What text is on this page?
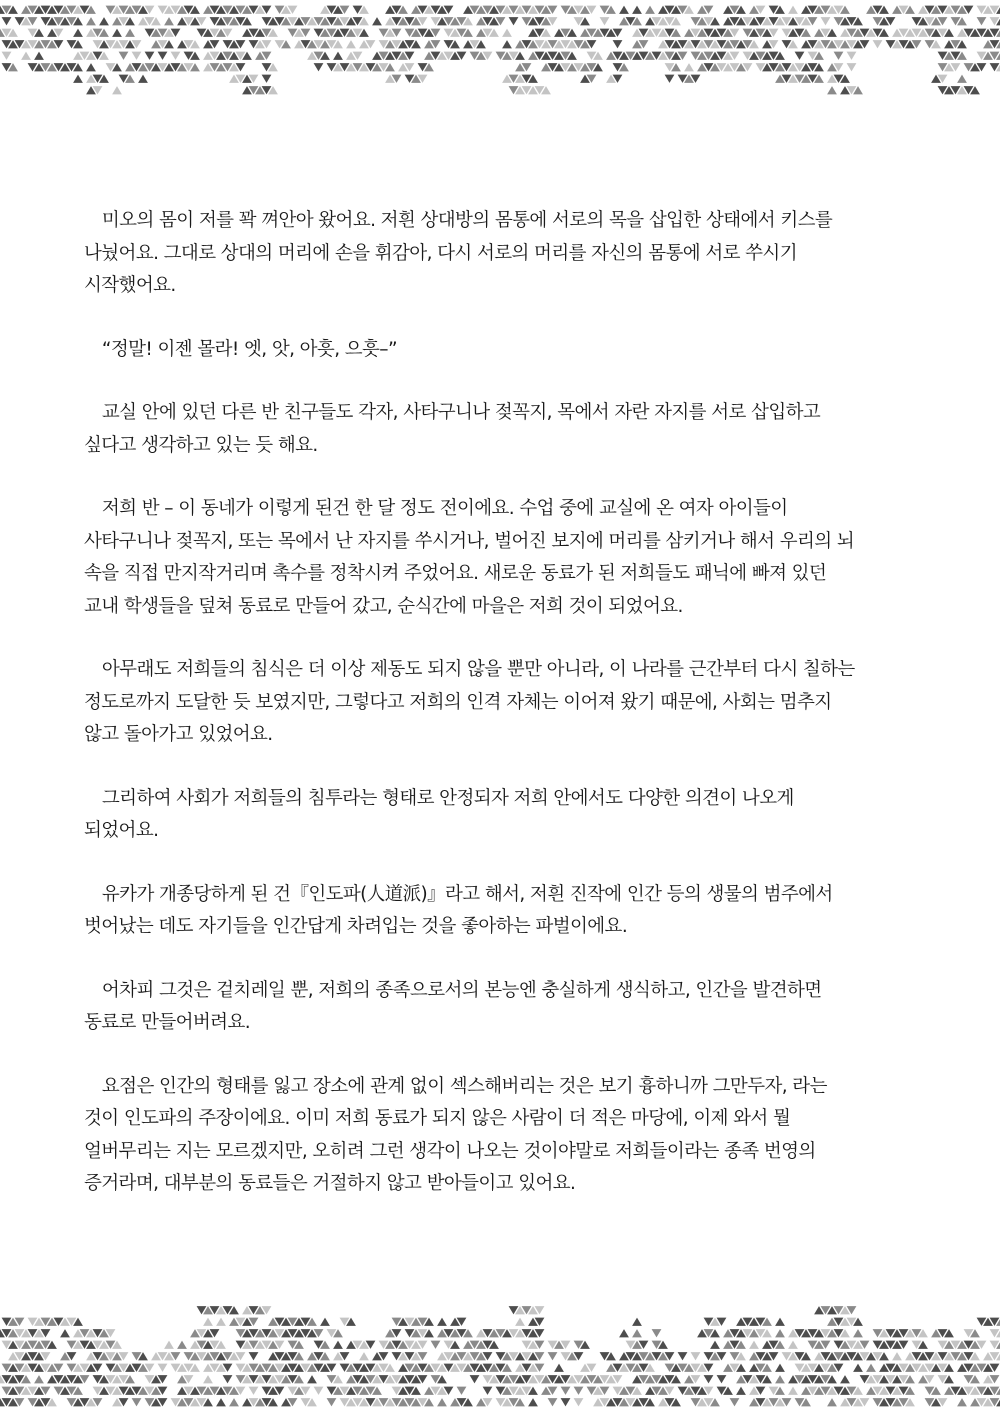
　미오의 몸이 저를 꽉 껴안아 왔어요. 저흰 상대방의 몸통에 서로의 목을 삽입한 상태에서 키스를
나눴어요. 그대로 상대의 머리에 손을 휘감아, 다시 서로의 머리를 자신의 몸통에 서로 쑤시기
시작했어요.

　“정말! 이젠 몰라! 엣, 앗, 아흣, 으흣–”

　교실 안에 있던 다른 반 친구들도 각자, 사타구니나 젖꼭지, 목에서 자란 자지를 서로 삽입하고
싶다고 생각하고 있는 듯 해요.

　저희 반 – 이 동네가 이렇게 된건 한 달 정도 전이에요. 수업 중에 교실에 온 여자 아이들이
사타구니나 젖꼭지, 또는 목에서 난 자지를 쑤시거나, 벌어진 보지에 머리를 삼키거나 해서 우리의 뇌
속을 직접 만지작거리며 촉수를 정착시켜 주었어요. 새로운 동료가 된 저희들도 패닉에 빠져 있던
교내 학생들을 덮쳐 동료로 만들어 갔고, 순식간에 마을은 저희 것이 되었어요.

　아무래도 저희들의 침식은 더 이상 제동도 되지 않을 뿐만 아니라, 이 나라를 근간부터 다시 칠하는
정도로까지 도달한 듯 보였지만, 그렇다고 저희의 인격 자체는 이어져 왔기 때문에, 사회는 멈추지
않고 돌아가고 있었어요.

　그리하여 사회가 저희들의 침투라는 형태로 안정되자 저희 안에서도 다양한 의견이 나오게
되었어요.

　유카가 개종당하게 된 건『인도파(人道派)』라고 해서, 저흰 진작에 인간 등의 생물의 범주에서
벗어났는 데도 자기들을 인간답게 차려입는 것을 좋아하는 파벌이에요.

　어차피 그것은 겉치레일 뿐, 저희의 종족으로서의 본능엔 충실하게 생식하고, 인간을 발견하면
동료로 만들어버려요.

　요점은 인간의 형태를 잃고 장소에 관계 없이 섹스해버리는 것은 보기 흉하니까 그만두자, 라는
것이 인도파의 주장이에요. 이미 저희 동료가 되지 않은 사람이 더 적은 마당에, 이제 와서 뭘
얼버무리는 지는 모르겠지만, 오히려 그런 생각이 나오는 것이야말로 저희들이라는 종족 번영의
증거라며, 대부분의 동료들은 거절하지 않고 받아들이고 있어요.
